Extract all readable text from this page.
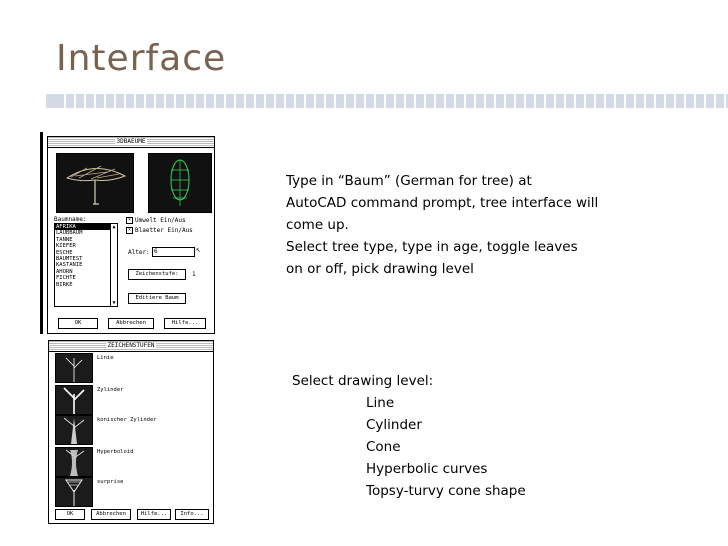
Interface
3DBAEUME
Baumname:
AFRIKA
LAUBBAUM
TANNE
KIEFER
ESCHE
BAUMTEST
KASTANIE
AHORN
FICHTE
BIRKE
▲
▼
× Umwelt Ein/Aus
× Blaetter Ein/Aus
Alter: 6	↖
Zeichenstufe:	1
Editiere Baum
OK	Abbrechen	Hilfe...
ZEICHENSTUFEN
Linie
Zylinder
konischer Zylinder
Hyperboloid
surprise
OK	Abbrechen	Hilfe...	Info...
Type in “Baum” (German for tree) at
AutoCAD command prompt, tree interface will
come up.
Select tree type, type in age, toggle leaves
on or off, pick drawing level
Select drawing level:
Line
Cylinder
Cone
Hyperbolic curves
Topsy-turvy cone shape
